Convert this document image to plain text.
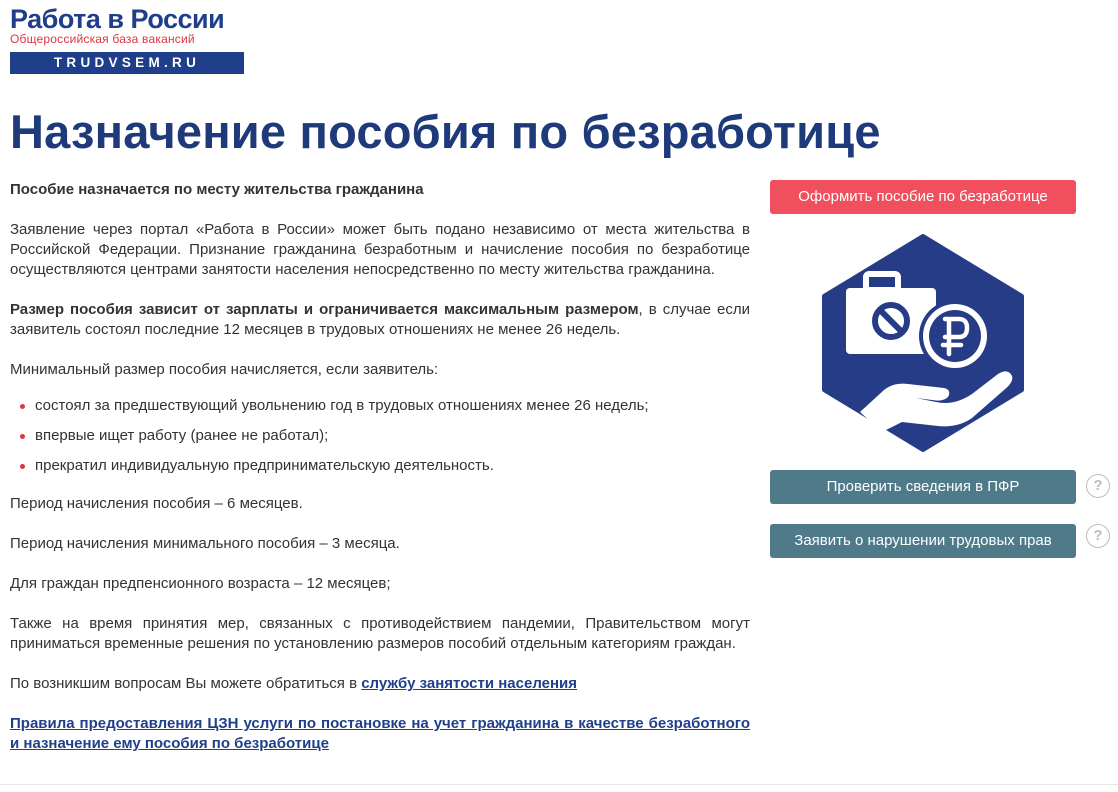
Работа в России
Общероссийская база вакансий
TRUDVSEM.RU
Назначение пособия по безработице

Пособие назначается по месту жительства гражданина

Заявление через портал «Работа в России» может быть подано независимо от места жительства в Российской Федерации. Признание гражданина безработным и начисление пособия по безработице осуществляются центрами занятости населения непосредственно по месту жительства гражданина.

Размер пособия зависит от зарплаты и ограничивается максимальным размером, в случае если заявитель состоял последние 12 месяцев в трудовых отношениях не менее 26 недель.

Минимальный размер пособия начисляется, если заявитель:

состоял за предшествующий увольнению год в трудовых отношениях менее 26 недель;
впервые ищет работу (ранее не работал);
прекратил индивидуальную предпринимательскую деятельность.

Период начисления пособия – 6 месяцев.

Период начисления минимального пособия – 3 месяца.

Для граждан предпенсионного возраста – 12 месяцев;

Также на время принятия мер, связанных с противодействием пандемии, Правительством могут приниматься временные решения по установлению размеров пособий отдельным категориям граждан.

По возникшим вопросам Вы можете обратиться в службу занятости населения

Правила предоставления ЦЗН услуги по постановке на учет гражданина в качестве безработного и назначение ему пособия по безработице
Оформить пособие по безработице
Проверить сведения в ПФР	?
Заявить о нарушении трудовых прав	?
